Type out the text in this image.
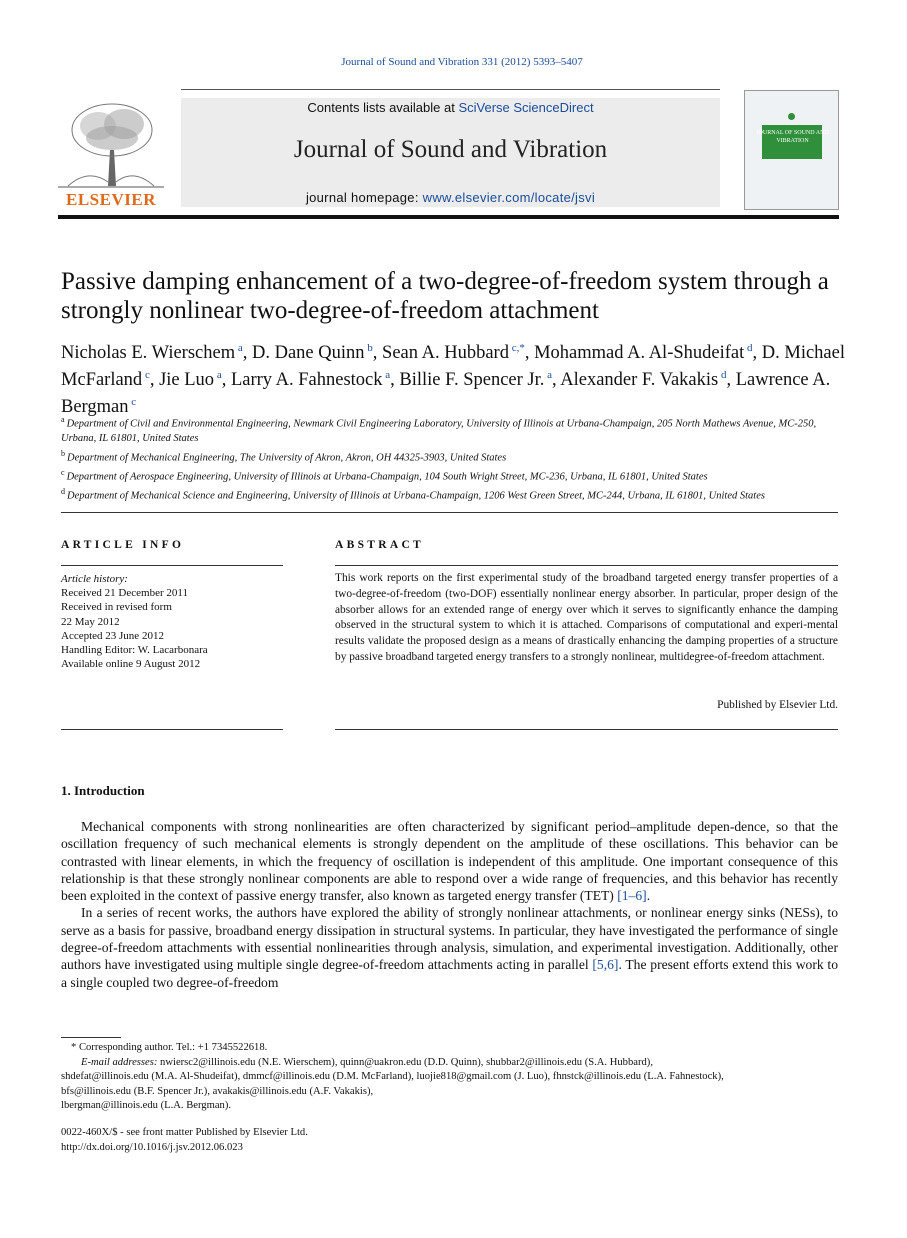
Journal of Sound and Vibration 331 (2012) 5393–5407
ELSEVIER
Contents lists available at SciVerse ScienceDirect
Journal of Sound and Vibration
journal homepage: www.elsevier.com/locate/jsvi
JOURNAL OF SOUND AND VIBRATION
Passive damping enhancement of a two-degree-of-freedom system through a strongly nonlinear two-degree-of-freedom attachment
Nicholas E. Wierschem $^a$, D. Dane Quinn $^b$, Sean A. Hubbard $^{c,*}$, Mohammad A. Al-Shudeifat $^d$, D. Michael McFarland $^c$, Jie Luo $^a$, Larry A. Fahnestock $^a$, Billie F. Spencer Jr. $^a$, Alexander F. Vakakis $^d$, Lawrence A. Bergman $^c$
$^a$ Department of Civil and Environmental Engineering, Newmark Civil Engineering Laboratory, University of Illinois at Urbana-Champaign, 205 North Mathews Avenue, MC-250, Urbana, IL 61801, United States
$^b$ Department of Mechanical Engineering, The University of Akron, Akron, OH 44325-3903, United States
$^c$ Department of Aerospace Engineering, University of Illinois at Urbana-Champaign, 104 South Wright Street, MC-236, Urbana, IL 61801, United States
$^d$ Department of Mechanical Science and Engineering, University of Illinois at Urbana-Champaign, 1206 West Green Street, MC-244, Urbana, IL 61801, United States
ARTICLE INFO	ABSTRACT
Article history:
Received 21 December 2011
Received in revised form
22 May 2012
Accepted 23 June 2012
Handling Editor: W. Lacarbonara
Available online 9 August 2012
This work reports on the first experimental study of the broadband targeted energy transfer properties of a two-degree-of-freedom (two-DOF) essentially nonlinear energy absorber. In particular, proper design of the absorber allows for an extended range of energy over which it serves to significantly enhance the damping observed in the structural system to which it is attached. Comparisons of computational and experi-mental results validate the proposed design as a means of drastically enhancing the damping properties of a structure by passive broadband targeted energy transfers to a strongly nonlinear, multidegree-of-freedom attachment.
Published by Elsevier Ltd.
1. Introduction

Mechanical components with strong nonlinearities are often characterized by significant period–amplitude depen-dence, so that the oscillation frequency of such mechanical elements is strongly dependent on the amplitude of these oscillations. This behavior can be contrasted with linear elements, in which the frequency of oscillation is independent of this amplitude. One important consequence of this relationship is that these strongly nonlinear components are able to respond over a wide range of frequencies, and this behavior has recently been exploited in the context of passive energy transfer, also known as targeted energy transfer (TET) [1–6].

In a series of recent works, the authors have explored the ability of strongly nonlinear attachments, or nonlinear energy sinks (NESs), to serve as a basis for passive, broadband energy dissipation in structural systems. In particular, they have investigated the performance of single degree-of-freedom attachments with essential nonlinearities through analysis, simulation, and experimental investigation. Additionally, other authors have investigated using multiple single degree-of-freedom attachments acting in parallel [5,6]. The present efforts extend this work to a single coupled two degree-of-freedom

* Corresponding author. Tel.: +1 7345522618.
E-mail addresses: nwiersc2@illinois.edu (N.E. Wierschem), quinn@uakron.edu (D.D. Quinn), shubbar2@illinois.edu (S.A. Hubbard),
shdefat@illinois.edu (M.A. Al-Shudeifat), dmmcf@illinois.edu (D.M. McFarland), luojie818@gmail.com (J. Luo), fhnstck@illinois.edu (L.A. Fahnestock),
bfs@illinois.edu (B.F. Spencer Jr.), avakakis@illinois.edu (A.F. Vakakis),
lbergman@illinois.edu (L.A. Bergman).
0022-460X/$ - see front matter Published by Elsevier Ltd.
http://dx.doi.org/10.1016/j.jsv.2012.06.023
